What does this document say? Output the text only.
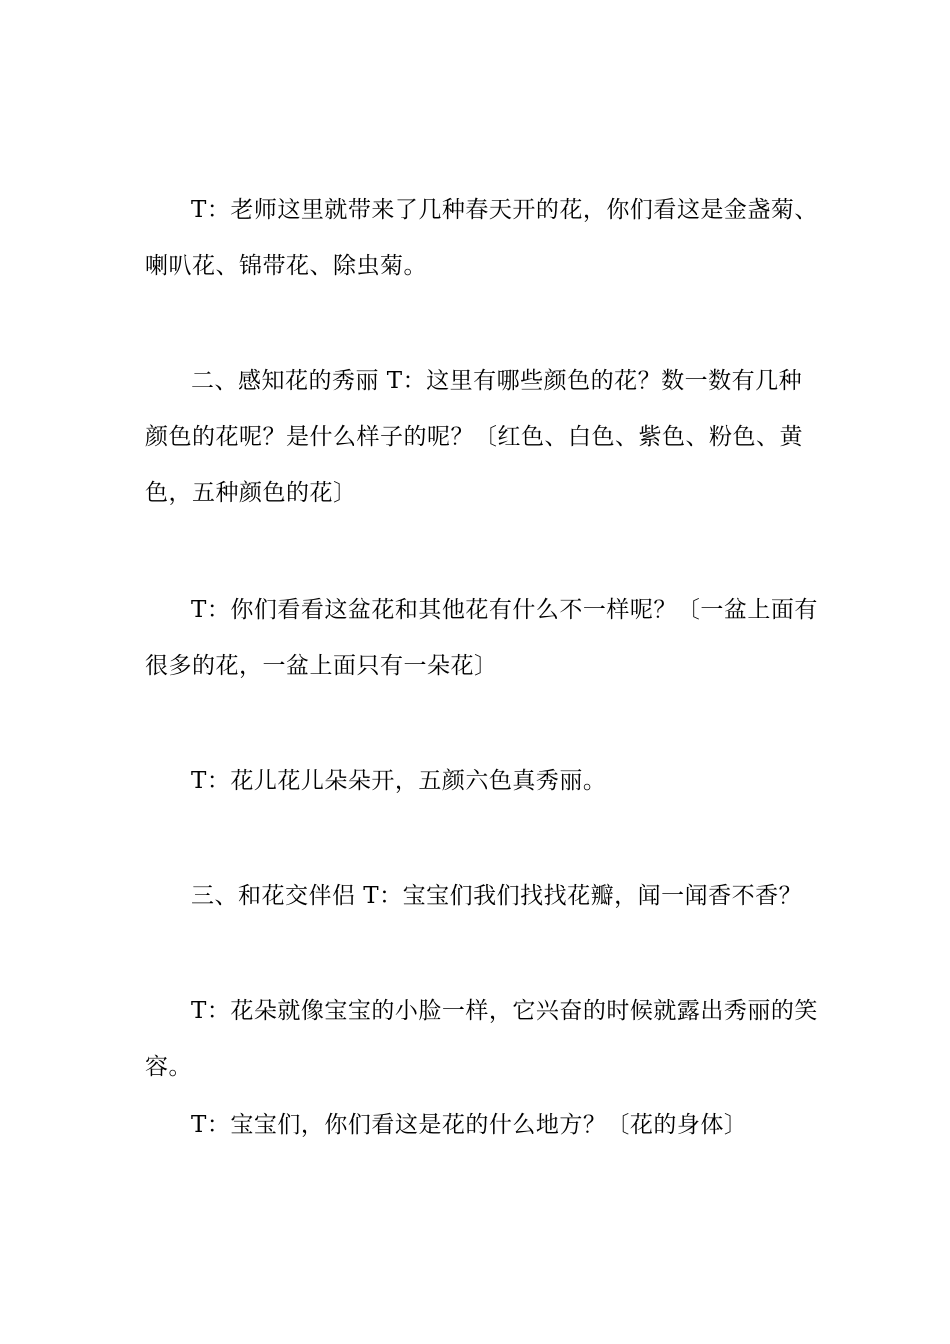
T：老师这里就带来了几种春天开的花，你们看这是金盏菊、喇叭花、锦带花、除虫菊。

二、感知花的秀丽 T：这里有哪些颜色的花？数一数有几种颜色的花呢？是什么样子的呢？〔红色、白色、紫色、粉色、黄色，五种颜色的花〕

T：你们看看这盆花和其他花有什么不一样呢？〔一盆上面有很多的花，一盆上面只有一朵花〕

T：花儿花儿朵朵开，五颜六色真秀丽。

三、和花交伴侣 T：宝宝们我们找找花瓣，闻一闻香不香？

T：花朵就像宝宝的小脸一样，它兴奋的时候就露出秀丽的笑容。

T：宝宝们，你们看这是花的什么地方？〔花的身体〕
